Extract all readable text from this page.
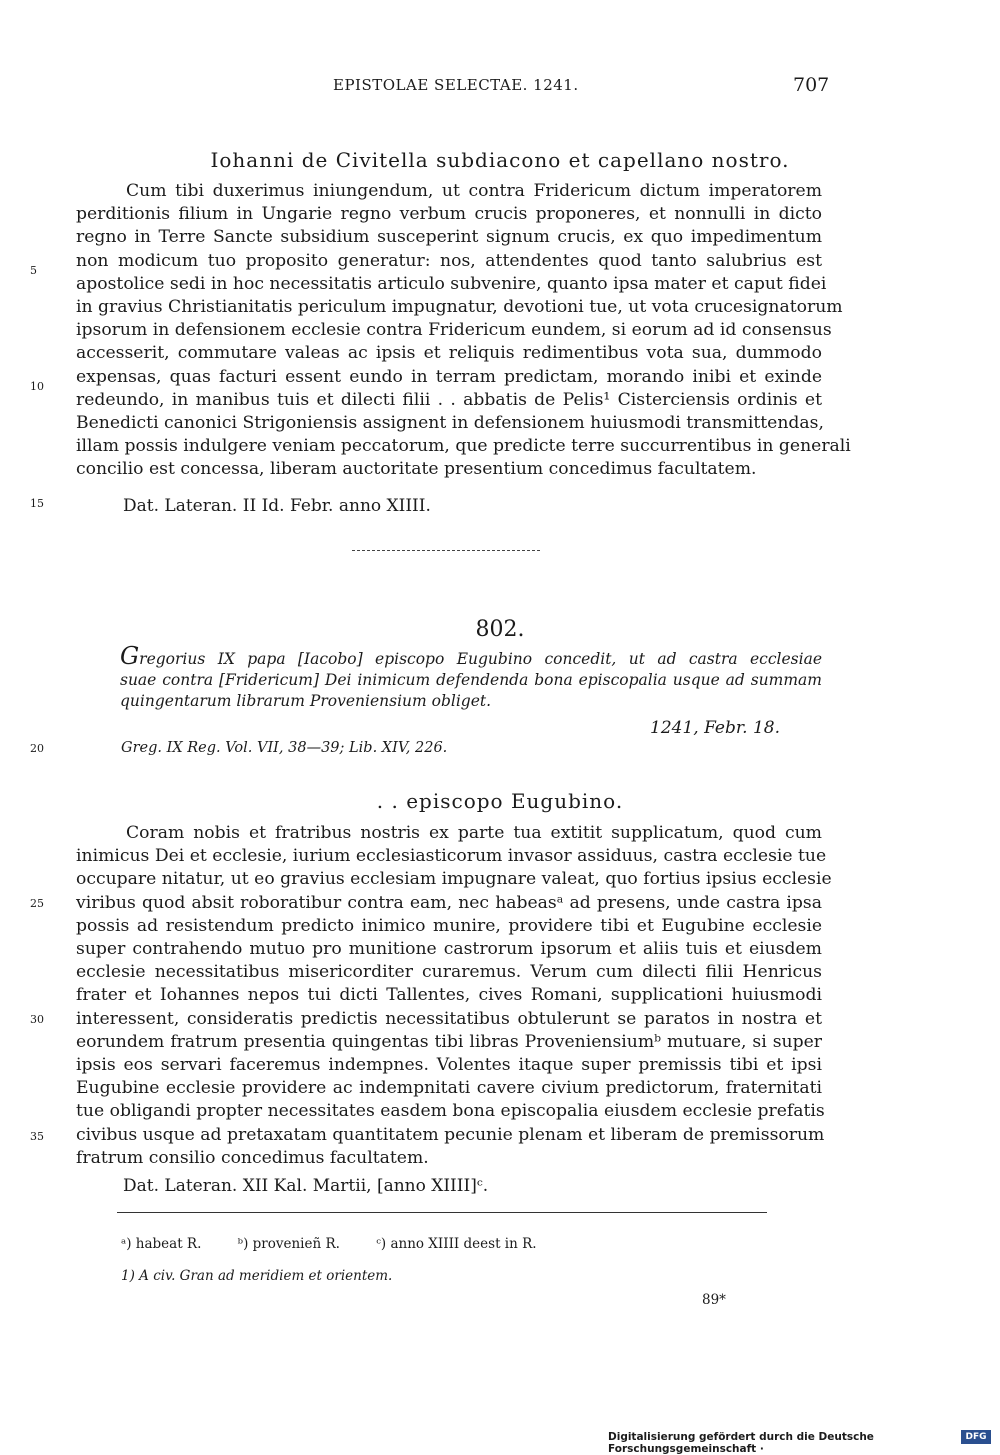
EPISTOLAE SELECTAE. 1241.	707
Iohanni de Civitella subdiacono et capellano nostro.
Cum tibi duxerimus iniungendum, ut contra Fridericum dictum imperatorem
perditionis filium in Ungarie regno verbum crucis proponeres, et nonnulli in dicto
regno in Terre Sancte subsidium susceperint signum crucis, ex quo impedimentum
non modicum tuo proposito generatur: nos, attendentes quod tanto salubrius est
apostolice sedi in hoc necessitatis articulo subvenire, quanto ipsa mater et caput fidei
in gravius Christianitatis periculum impugnatur, devotioni tue, ut vota crucesignatorum
ipsorum in defensionem ecclesie contra Fridericum eundem, si eorum ad id consensus
accesserit, commutare valeas ac ipsis et reliquis redimentibus vota sua, dummodo
expensas, quas facturi essent eundo in terram predictam, morando inibi et exinde
redeundo, in manibus tuis et dilecti filii . . abbatis de Pelis¹ Cisterciensis ordinis et
Benedicti canonici Strigoniensis assignent in defensionem huiusmodi transmittendas,
illam possis indulgere veniam peccatorum, que predicte terre succurrentibus in generali
concilio est concessa, liberam auctoritate presentium concedimus facultatem.
5
10
15	Dat. Lateran. II Id. Febr. anno XIIII.
802.
Gregorius IX papa [Iacobo] episcopo Eugubino concedit, ut ad castra ecclesiae
suae contra [Fridericum] Dei inimicum defendenda bona episcopalia usque ad summam
quingentarum librarum Proveniensium obliget.
1241, Febr. 18.
20	Greg. IX Reg. Vol. VII, 38—39; Lib. XIV, 226.
. . episcopo Eugubino.
Coram nobis et fratribus nostris ex parte tua extitit supplicatum, quod cum
inimicus Dei et ecclesie, iurium ecclesiasticorum invasor assiduus, castra ecclesie tue
occupare nitatur, ut eo gravius ecclesiam impugnare valeat, quo fortius ipsius ecclesie
viribus quod absit roboratibur contra eam, nec habeasᵃ ad presens, unde castra ipsa
possis ad resistendum predicto inimico munire, providere tibi et Eugubine ecclesie
super contrahendo mutuo pro munitione castrorum ipsorum et aliis tuis et eiusdem
ecclesie necessitatibus misericorditer curaremus. Verum cum dilecti filii Henricus
frater et Iohannes nepos tui dicti Tallentes, cives Romani, supplicationi huiusmodi
interessent, consideratis predictis necessitatibus obtulerunt se paratos in nostra et
eorundem fratrum presentia quingentas tibi libras Proveniensiumᵇ mutuare, si super
ipsis eos servari faceremus indempnes. Volentes itaque super premissis tibi et ipsi
Eugubine ecclesie providere ac indempnitati cavere civium predictorum, fraternitati
tue obligandi propter necessitates easdem bona episcopalia eiusdem ecclesie prefatis
civibus usque ad pretaxatam quantitatem pecunie plenam et liberam de premissorum
fratrum consilio concedimus facultatem.
25
30
35
Dat. Lateran. XII Kal. Martii, [anno XIIII]ᶜ.
ᵃ) habeat R.	ᵇ) provenieñ R.	ᶜ) anno XIIII deest in R.
1) A civ. Gran ad meridiem et orientem.
89*
Digitalisierung gefördert durch die Deutsche Forschungsgemeinschaft ·
DFG
